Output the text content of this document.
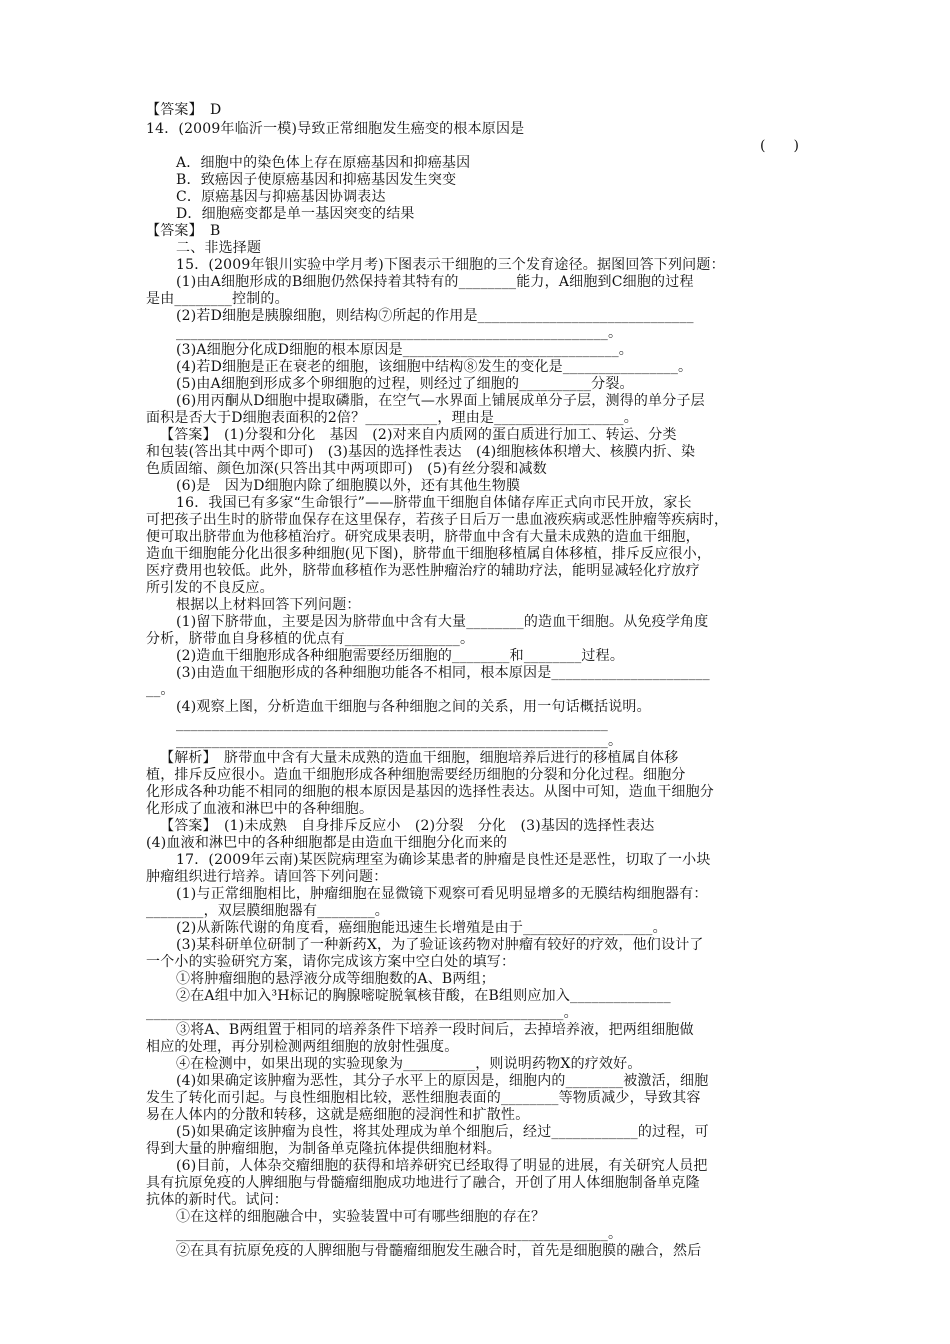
【答案】　D
14．(2009年临沂一模)导致正常细胞发生癌变的根本原因是
(　　)
A．细胞中的染色体上存在原癌基因和抑癌基因
B．致癌因子使原癌基因和抑癌基因发生突变
C．原癌基因与抑癌基因协调表达
D．细胞癌变都是单一基因突变的结果
【答案】　B
二、非选择题
15．(2009年银川实验中学月考)下图表示干细胞的三个发育途径。据图回答下列问题：
(1)由A细胞形成的B细胞仍然保持着其特有的________能力，A细胞到C细胞的过程
是由________控制的。
(2)若D细胞是胰腺细胞，则结构⑦所起的作用是______________________________
____________________________________________________________。
(3)A细胞分化成D细胞的根本原因是______________________________。
(4)若D细胞是正在衰老的细胞，该细胞中结构⑧发生的变化是________________。
(5)由A细胞到形成多个卵细胞的过程，则经过了细胞的__________分裂。
(6)用丙酮从D细胞中提取磷脂，在空气—水界面上铺展成单分子层，测得的单分子层
面积是否大于D细胞表面积的2倍？__________，理由是__________________。
【答案】　(1)分裂和分化　基因　(2)对来自内质网的蛋白质进行加工、转运、分类
和包装(答出其中两个即可)　(3)基因的选择性表达　(4)细胞核体积增大、核膜内折、染
色质固缩、颜色加深(只答出其中两项即可)　(5)有丝分裂和减数
(6)是　因为D细胞内除了细胞膜以外，还有其他生物膜
16．我国已有多家“生命银行”——脐带血干细胞自体储存库正式向市民开放，家长
可把孩子出生时的脐带血保存在这里保存，若孩子日后万一患血液疾病或恶性肿瘤等疾病时，
便可取出脐带血为他移植治疗。研究成果表明，脐带血中含有大量未成熟的造血干细胞，
造血干细胞能分化出很多种细胞(见下图)，脐带血干细胞移植属自体移植，排斥反应很小，
医疗费用也较低。此外，脐带血移植作为恶性肿瘤治疗的辅助疗法，能明显减轻化疗放疗
所引发的不良反应。
根据以上材料回答下列问题：
(1)留下脐带血，主要是因为脐带血中含有大量________的造血干细胞。从免疫学角度
分析，脐带血自身移植的优点有________________。
(2)造血干细胞形成各种细胞需要经历细胞的________和________过程。
(3)由造血干细胞形成的各种细胞功能各不相同，根本原因是______________________
__。
(4)观察上图，分析造血干细胞与各种细胞之间的关系，用一句话概括说明。
____________________________________________________________
____________________________________________________________。
【解析】　脐带血中含有大量未成熟的造血干细胞，细胞培养后进行的移植属自体移
植，排斥反应很小。造血干细胞形成各种细胞需要经历细胞的分裂和分化过程。细胞分
化形成各种功能不相同的细胞的根本原因是基因的选择性表达。从图中可知，造血干细胞分
化形成了血液和淋巴中的各种细胞。
【答案】　(1)未成熟　自身排斥反应小　(2)分裂　分化　(3)基因的选择性表达
(4)血液和淋巴中的各种细胞都是由造血干细胞分化而来的
17．(2009年云南)某医院病理室为确诊某患者的肿瘤是良性还是恶性，切取了一小块
肿瘤组织进行培养。请回答下列问题：
(1)与正常细胞相比，肿瘤细胞在显微镜下观察可看见明显增多的无膜结构细胞器有：
________，双层膜细胞器有________。
(2)从新陈代谢的角度看，癌细胞能迅速生长增殖是由于__________________。
(3)某科研单位研制了一种新药X，为了验证该药物对肿瘤有较好的疗效，他们设计了
一个小的实验研究方案，请你完成该方案中空白处的填写：
①将肿瘤细胞的悬浮液分成等细胞数的A、B两组；
②在A组中加入³H标记的胸腺嘧啶脱氧核苷酸，在B组则应加入______________
__________________________________________________________。
③将A、B两组置于相同的培养条件下培养一段时间后，去掉培养液，把两组细胞做
相应的处理，再分别检测两组细胞的放射性强度。
④在检测中，如果出现的实验现象为__________，则说明药物X的疗效好。
(4)如果确定该肿瘤为恶性，其分子水平上的原因是，细胞内的________被激活，细胞
发生了转化而引起。与良性细胞相比较，恶性细胞表面的________等物质减少，导致其容
易在人体内的分散和转移，这就是癌细胞的浸润性和扩散性。
(5)如果确定该肿瘤为良性，将其处理成为单个细胞后，经过____________的过程，可
得到大量的肿瘤细胞，为制备单克隆抗体提供细胞材料。
(6)目前，人体杂交瘤细胞的获得和培养研究已经取得了明显的进展，有关研究人员把
具有抗原免疫的人脾细胞与骨髓瘤细胞成功地进行了融合，开创了用人体细胞制备单克隆
抗体的新时代。试问：
①在这样的细胞融合中，实验装置中可有哪些细胞的存在？
____________________________________________________________。
②在具有抗原免疫的人脾细胞与骨髓瘤细胞发生融合时，首先是细胞膜的融合，然后
